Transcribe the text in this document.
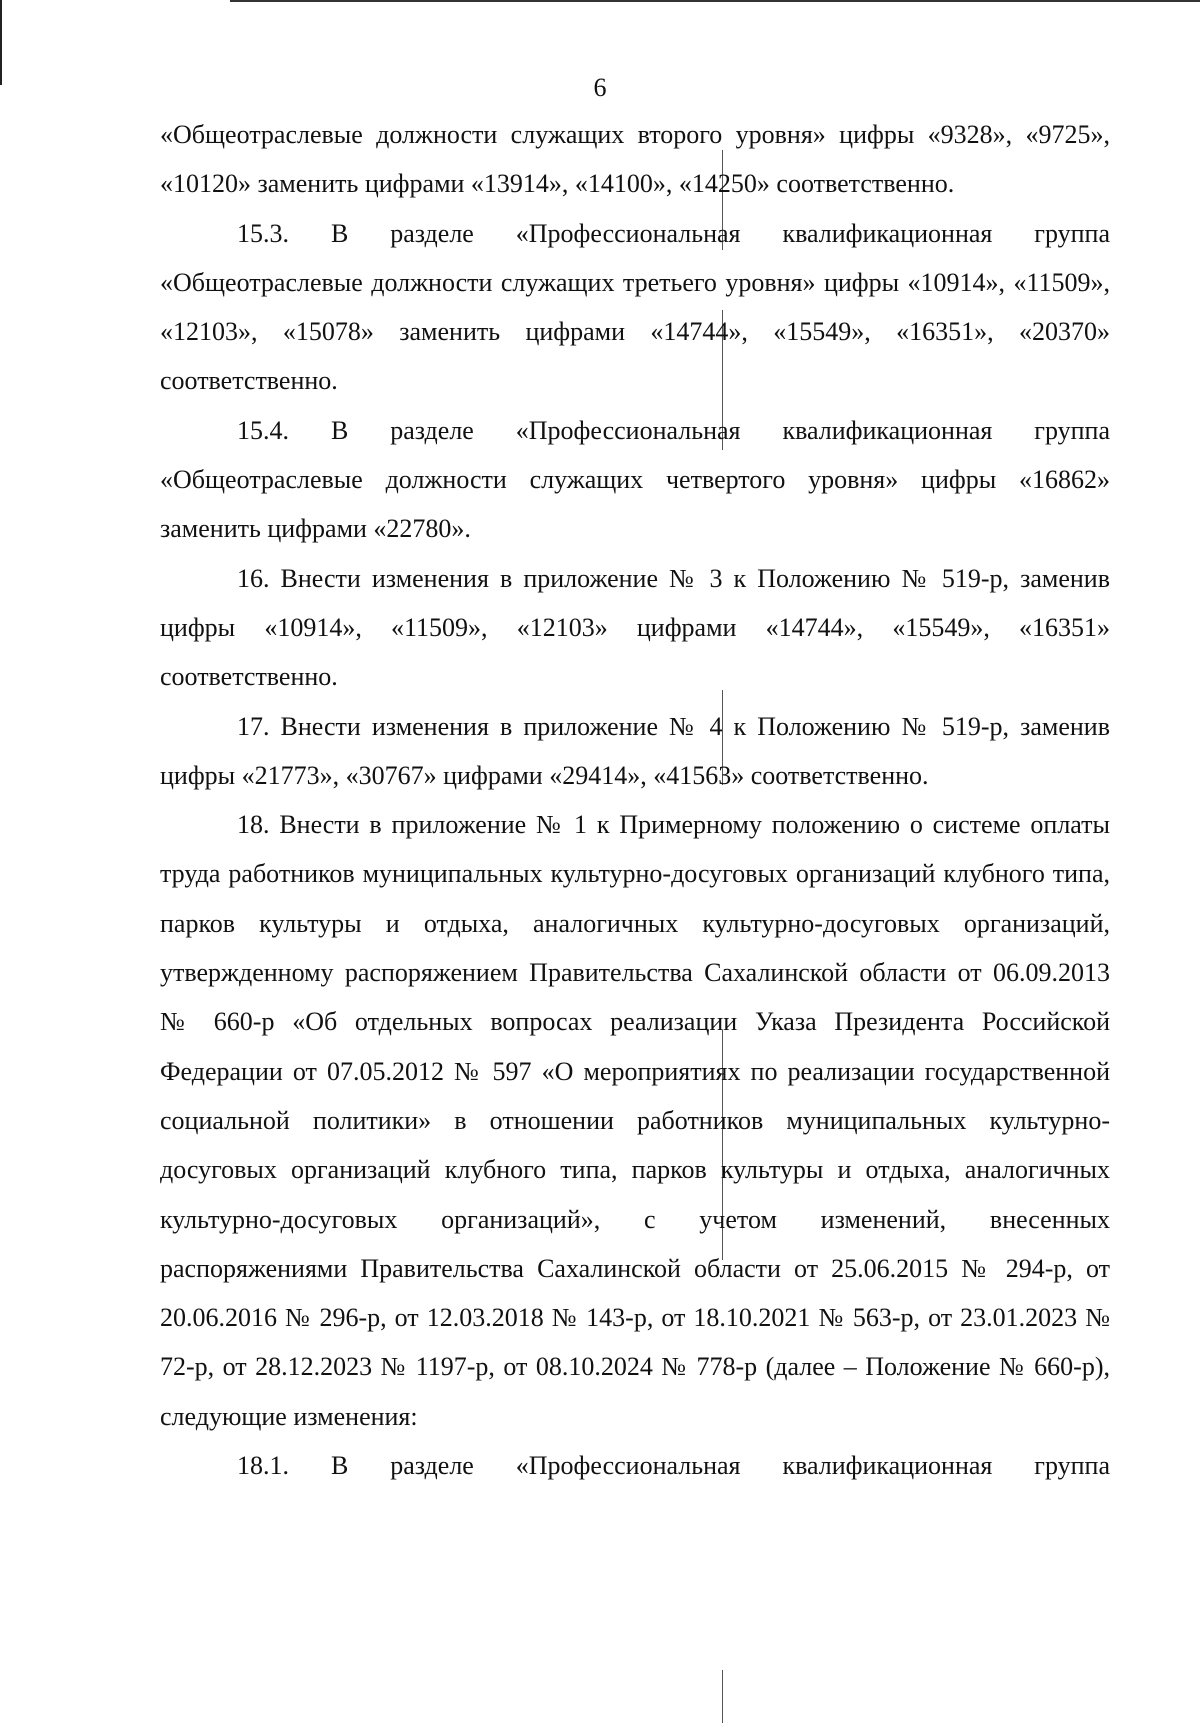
6

«Общеотраслевые должности служащих второго уровня» цифры «9328», «9725», «10120» заменить цифрами «13914», «14100», «14250» соответственно.

15.3. В разделе «Профессиональная квалификационная группа «Общеотраслевые должности служащих третьего уровня» цифры «10914», «11509», «12103», «15078» заменить цифрами «14744», «15549», «16351», «20370» соответственно.

15.4. В разделе «Профессиональная квалификационная группа «Общеотраслевые должности служащих четвертого уровня» цифры «16862» заменить цифрами «22780».

16. Внести изменения в приложение № 3 к Положению № 519-р, заменив цифры «10914», «11509», «12103» цифрами «14744», «15549», «16351» соответственно.

17. Внести изменения в приложение № 4 к Положению № 519-р, заменив цифры «21773», «30767» цифрами «29414», «41563» соответственно.

18. Внести в приложение № 1 к Примерному положению о системе оплаты труда работников муниципальных культурно-досуговых организаций клубного типа, парков культуры и отдыха, аналогичных культурно-досуговых организаций, утвержденному распоряжением Правительства Сахалинской области от 06.09.2013 № 660-р «Об отдельных вопросах реализации Указа Президента Российской Федерации от 07.05.2012 № 597 «О мероприятиях по реализации государственной социальной политики» в отношении работников муниципальных культурно-досуговых организаций клубного типа, парков культуры и отдыха, аналогичных культурно-досуговых организаций», с учетом изменений, внесенных распоряжениями Правительства Сахалинской области от 25.06.2015 № 294-р, от 20.06.2016 № 296-р, от 12.03.2018 № 143-р, от 18.10.2021 № 563-р, от 23.01.2023 № 72-р, от 28.12.2023 № 1197-р, от 08.10.2024 № 778-р (далее – Положение № 660-р), следующие изменения:

18.1. В разделе «Профессиональная квалификационная группа
